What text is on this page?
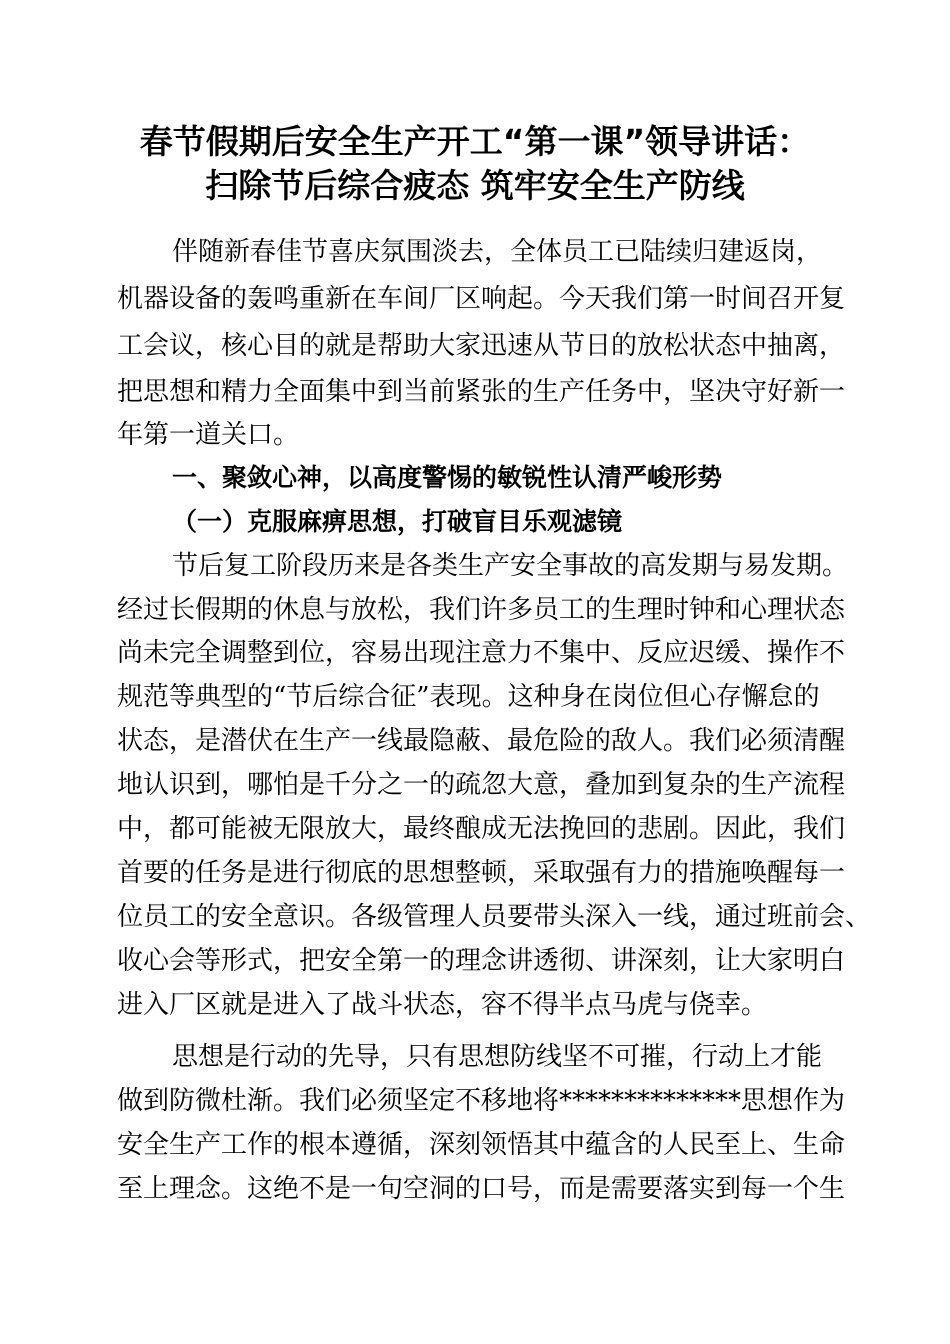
春节假期后安全生产开工“第一课”领导讲话：
扫除节后综合疲态 筑牢安全生产防线
伴随新春佳节喜庆氛围淡去，全体员工已陆续归建返岗，
机器设备的轰鸣重新在车间厂区响起。今天我们第一时间召开复
工会议，核心目的就是帮助大家迅速从节日的放松状态中抽离，
把思想和精力全面集中到当前紧张的生产任务中，坚决守好新一
年第一道关口。
一、聚敛心神，以高度警惕的敏锐性认清严峻形势
（一）克服麻痹思想，打破盲目乐观滤镜
节后复工阶段历来是各类生产安全事故的高发期与易发期。
经过长假期的休息与放松，我们许多员工的生理时钟和心理状态
尚未完全调整到位，容易出现注意力不集中、反应迟缓、操作不
规范等典型的“节后综合征”表现。这种身在岗位但心存懈怠的
状态，是潜伏在生产一线最隐蔽、最危险的敌人。我们必须清醒
地认识到，哪怕是千分之一的疏忽大意，叠加到复杂的生产流程
中，都可能被无限放大，最终酿成无法挽回的悲剧。因此，我们
首要的任务是进行彻底的思想整顿，采取强有力的措施唤醒每一
位员工的安全意识。各级管理人员要带头深入一线，通过班前会、
收心会等形式，把安全第一的理念讲透彻、讲深刻，让大家明白
进入厂区就是进入了战斗状态，容不得半点马虎与侥幸。
思想是行动的先导，只有思想防线坚不可摧，行动上才能
做到防微杜渐。我们必须坚定不移地将**************思想作为
安全生产工作的根本遵循，深刻领悟其中蕴含的人民至上、生命
至上理念。这绝不是一句空洞的口号，而是需要落实到每一个生
